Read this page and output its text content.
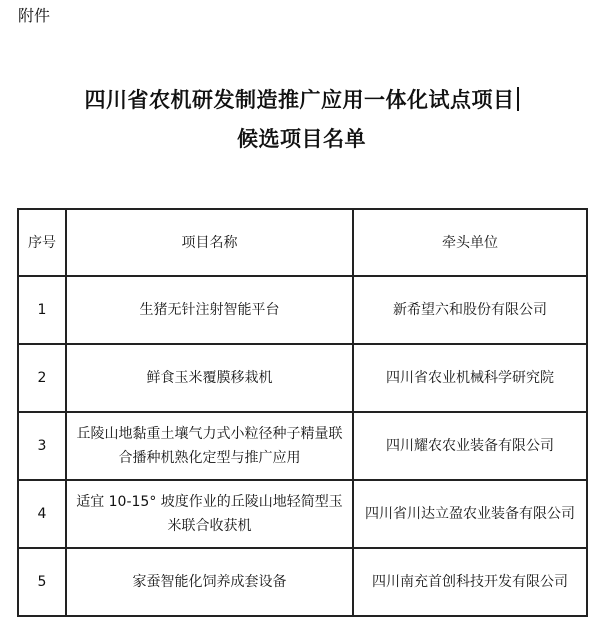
附件
四川省农机研发制造推广应用一体化试点项目
候选项目名单
序号	项目名称	牵头单位
1	生猪无针注射智能平台	新希望六和股份有限公司
2	鲜食玉米覆膜移栽机	四川省农业机械科学研究院
3	丘陵山地黏重土壤气力式小粒径种子精量联合播种机熟化定型与推广应用	四川耀农农业装备有限公司
4	适宜 10-15° 坡度作业的丘陵山地轻简型玉米联合收获机	四川省川达立盈农业装备有限公司
5	家蚕智能化饲养成套设备	四川南充首创科技开发有限公司
